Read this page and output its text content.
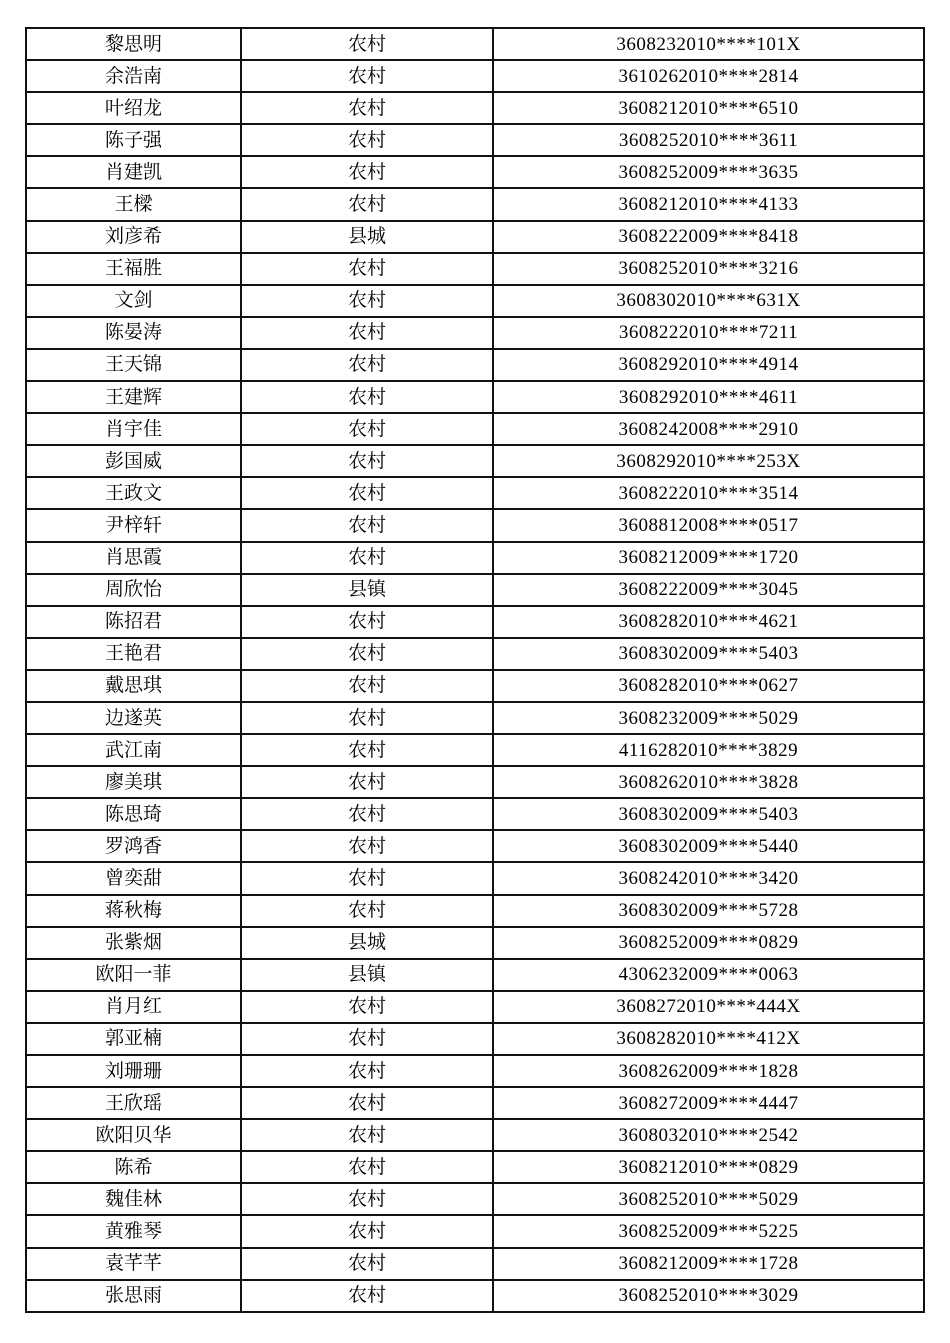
黎思明	农村	3608232010****101X
余浩南	农村	3610262010****2814
叶绍龙	农村	3608212010****6510
陈子强	农村	3608252010****3611
肖建凯	农村	3608252009****3635
王樑	农村	3608212010****4133
刘彦希	县城	3608222009****8418
王福胜	农村	3608252010****3216
文剑	农村	3608302010****631X
陈晏涛	农村	3608222010****7211
王天锦	农村	3608292010****4914
王建辉	农村	3608292010****4611
肖宇佳	农村	3608242008****2910
彭国威	农村	3608292010****253X
王政文	农村	3608222010****3514
尹梓轩	农村	3608812008****0517
肖思霞	农村	3608212009****1720
周欣怡	县镇	3608222009****3045
陈招君	农村	3608282010****4621
王艳君	农村	3608302009****5403
戴思琪	农村	3608282010****0627
边遂英	农村	3608232009****5029
武江南	农村	4116282010****3829
廖美琪	农村	3608262010****3828
陈思琦	农村	3608302009****5403
罗鸿香	农村	3608302009****5440
曾奕甜	农村	3608242010****3420
蒋秋梅	农村	3608302009****5728
张紫烟	县城	3608252009****0829
欧阳一菲	县镇	4306232009****0063
肖月红	农村	3608272010****444X
郭亚楠	农村	3608282010****412X
刘珊珊	农村	3608262009****1828
王欣瑶	农村	3608272009****4447
欧阳贝华	农村	3608032010****2542
陈希	农村	3608212010****0829
魏佳林	农村	3608252010****5029
黄雅琴	农村	3608252009****5225
袁芊芊	农村	3608212009****1728
张思雨	农村	3608252010****3029
